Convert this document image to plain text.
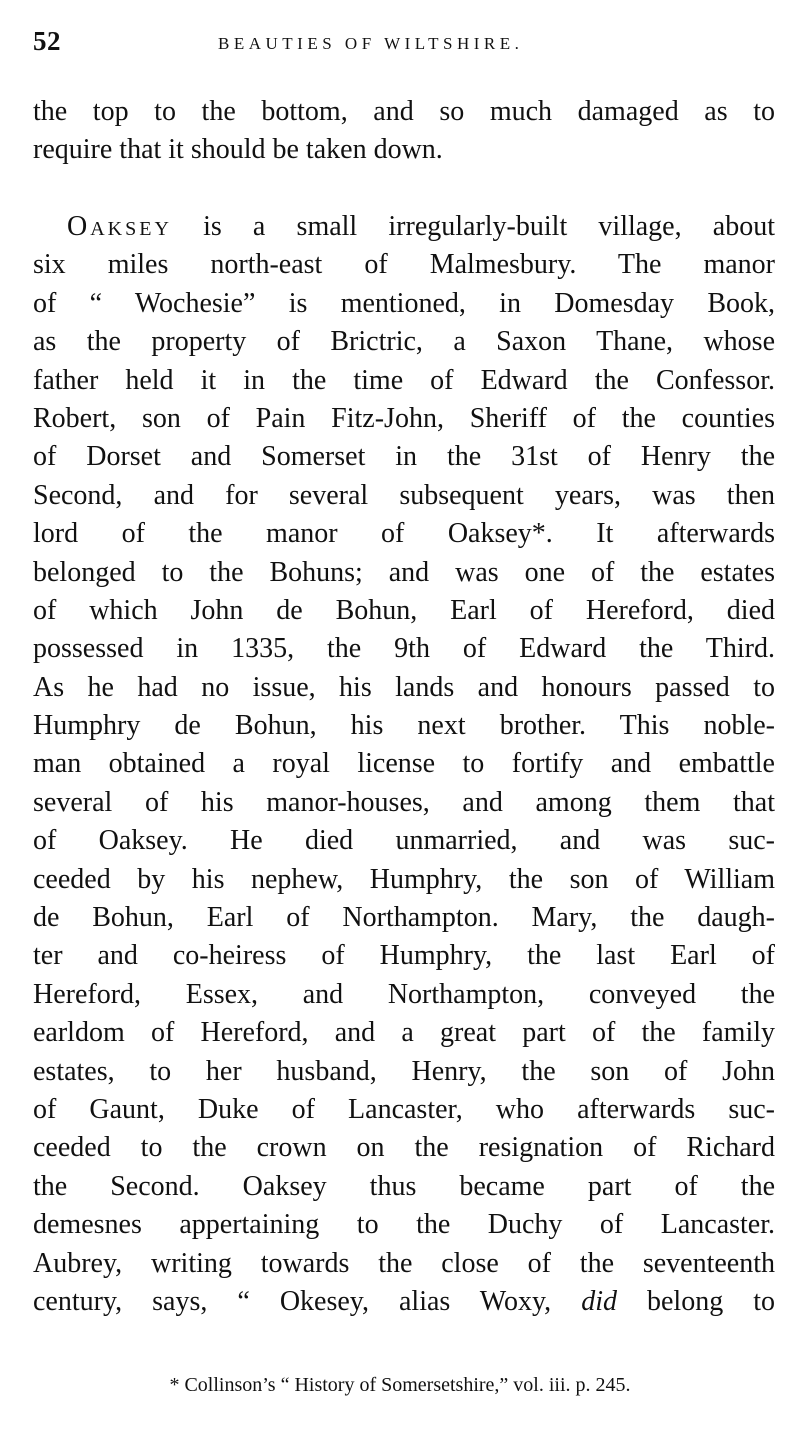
52	BEAUTIES OF WILTSHIRE.
the top to the bottom, and so much damaged as to
require that it should be taken down.
Oaksey is a small irregularly-built village, about
six miles north-east of Malmesbury. The manor
of “ Wochesie” is mentioned, in Domesday Book,
as the property of Brictric, a Saxon Thane, whose
father held it in the time of Edward the Confessor.
Robert, son of Pain Fitz-John, Sheriff of the counties
of Dorset and Somerset in the 31st of Henry the
Second, and for several subsequent years, was then
lord of the manor of Oaksey*. It afterwards
belonged to the Bohuns; and was one of the estates
of which John de Bohun, Earl of Hereford, died
possessed in 1335, the 9th of Edward the Third.
As he had no issue, his lands and honours passed to
Humphry de Bohun, his next brother. This noble-
man obtained a royal license to fortify and embattle
several of his manor-houses, and among them that
of Oaksey. He died unmarried, and was suc-
ceeded by his nephew, Humphry, the son of William
de Bohun, Earl of Northampton. Mary, the daugh-
ter and co-heiress of Humphry, the last Earl of
Hereford, Essex, and Northampton, conveyed the
earldom of Hereford, and a great part of the family
estates, to her husband, Henry, the son of John
of Gaunt, Duke of Lancaster, who afterwards suc-
ceeded to the crown on the resignation of Richard
the Second. Oaksey thus became part of the
demesnes appertaining to the Duchy of Lancaster.
Aubrey, writing towards the close of the seventeenth
century, says, “ Okesey, alias Woxy, did belong to
* Collinson’s “ History of Somersetshire,” vol. iii. p. 245.
